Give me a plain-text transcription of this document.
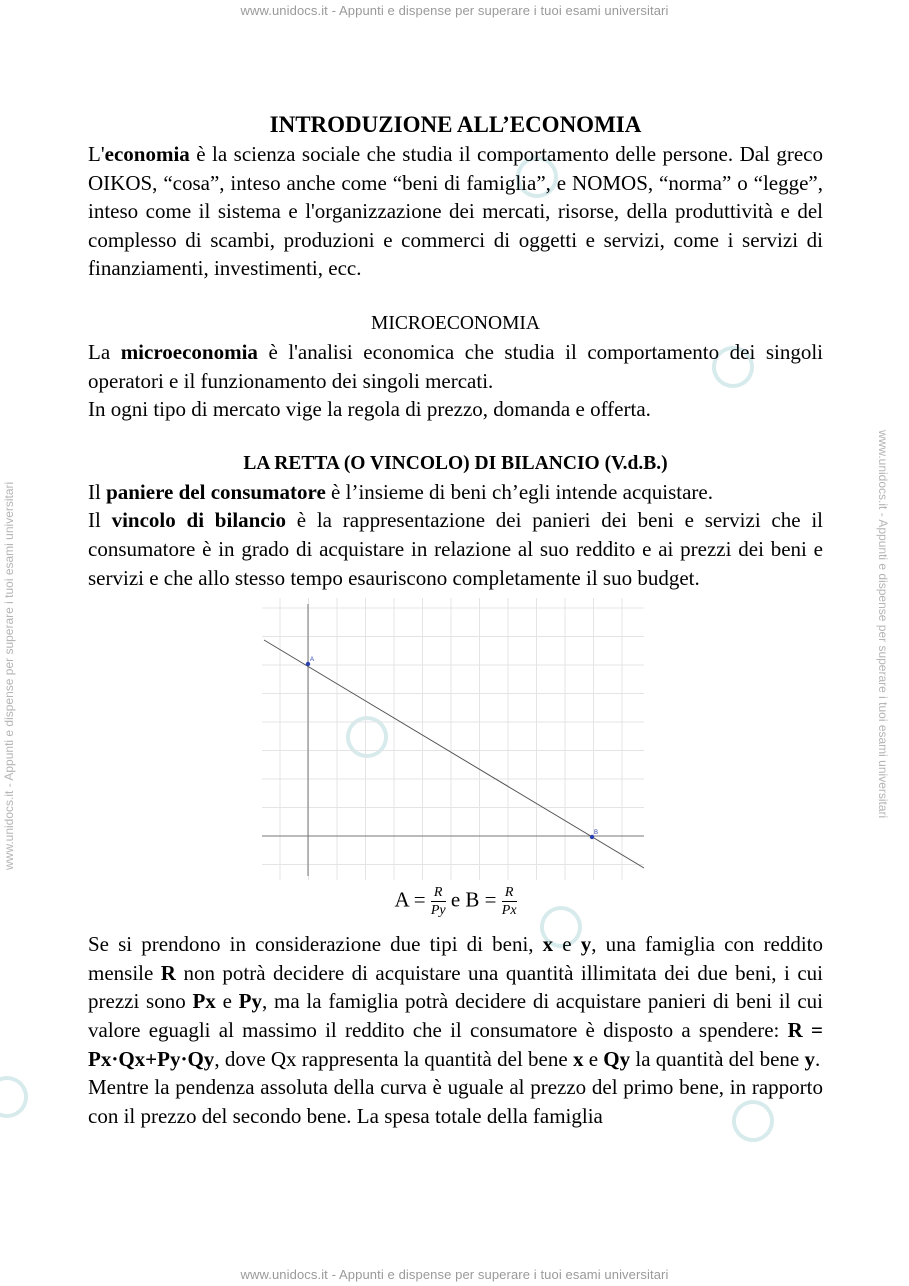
www.unidocs.it - Appunti e dispense per superare i tuoi esami universitari
www.unidocs.it - Appunti e dispense per superare i tuoi esami universitari
www.unidocs.it - Appunti e dispense per superare i tuoi esami universitari	www.unidocs.it - Appunti e dispense per superare i tuoi esami universitari
INTRODUZIONE ALL’ECONOMIA

L'economia è la scienza sociale che studia il comportamento delle persone. Dal greco OIKOS, “cosa”, inteso anche come “beni di famiglia”, e NOMOS, “norma” o “legge”, inteso come il sistema e l'organizzazione dei mercati, risorse, della produttività e del complesso di scambi, produzioni e commerci di oggetti e servizi, come i servizi di finanziamenti, investimenti, ecc.

MICROECONOMIA

La microeconomia è l'analisi economica che studia il comportamento dei singoli operatori e il funzionamento dei singoli mercati.

In ogni tipo di mercato vige la regola di prezzo, domanda e offerta.

LA RETTA (O VINCOLO) DI BILANCIO (V.d.B.)

Il paniere del consumatore è l’insieme di beni ch’egli intende acquistare.

Il vincolo di bilancio è la rappresentazione dei panieri dei beni e servizi che il consumatore è in grado di acquistare in relazione al suo reddito e ai prezzi dei beni e servizi e che allo stesso tempo esauriscono completamente il suo budget.

A
B
$A = \frac{R}{Py}$ e $B = \frac{R}{Px}$

Se si prendono in considerazione due tipi di beni, x e y, una famiglia con reddito mensile R non potrà decidere di acquistare una quantità illimitata dei due beni, i cui prezzi sono Px e Py, ma la famiglia potrà decidere di acquistare panieri di beni il cui valore eguagli al massimo il reddito che il consumatore è disposto a spendere: R = Px·Qx+Py·Qy, dove Qx rappresenta la quantità del bene x e Qy la quantità del bene y.

Mentre la pendenza assoluta della curva è uguale al prezzo del primo bene, in rapporto con il prezzo del secondo bene. La spesa totale della famiglia
